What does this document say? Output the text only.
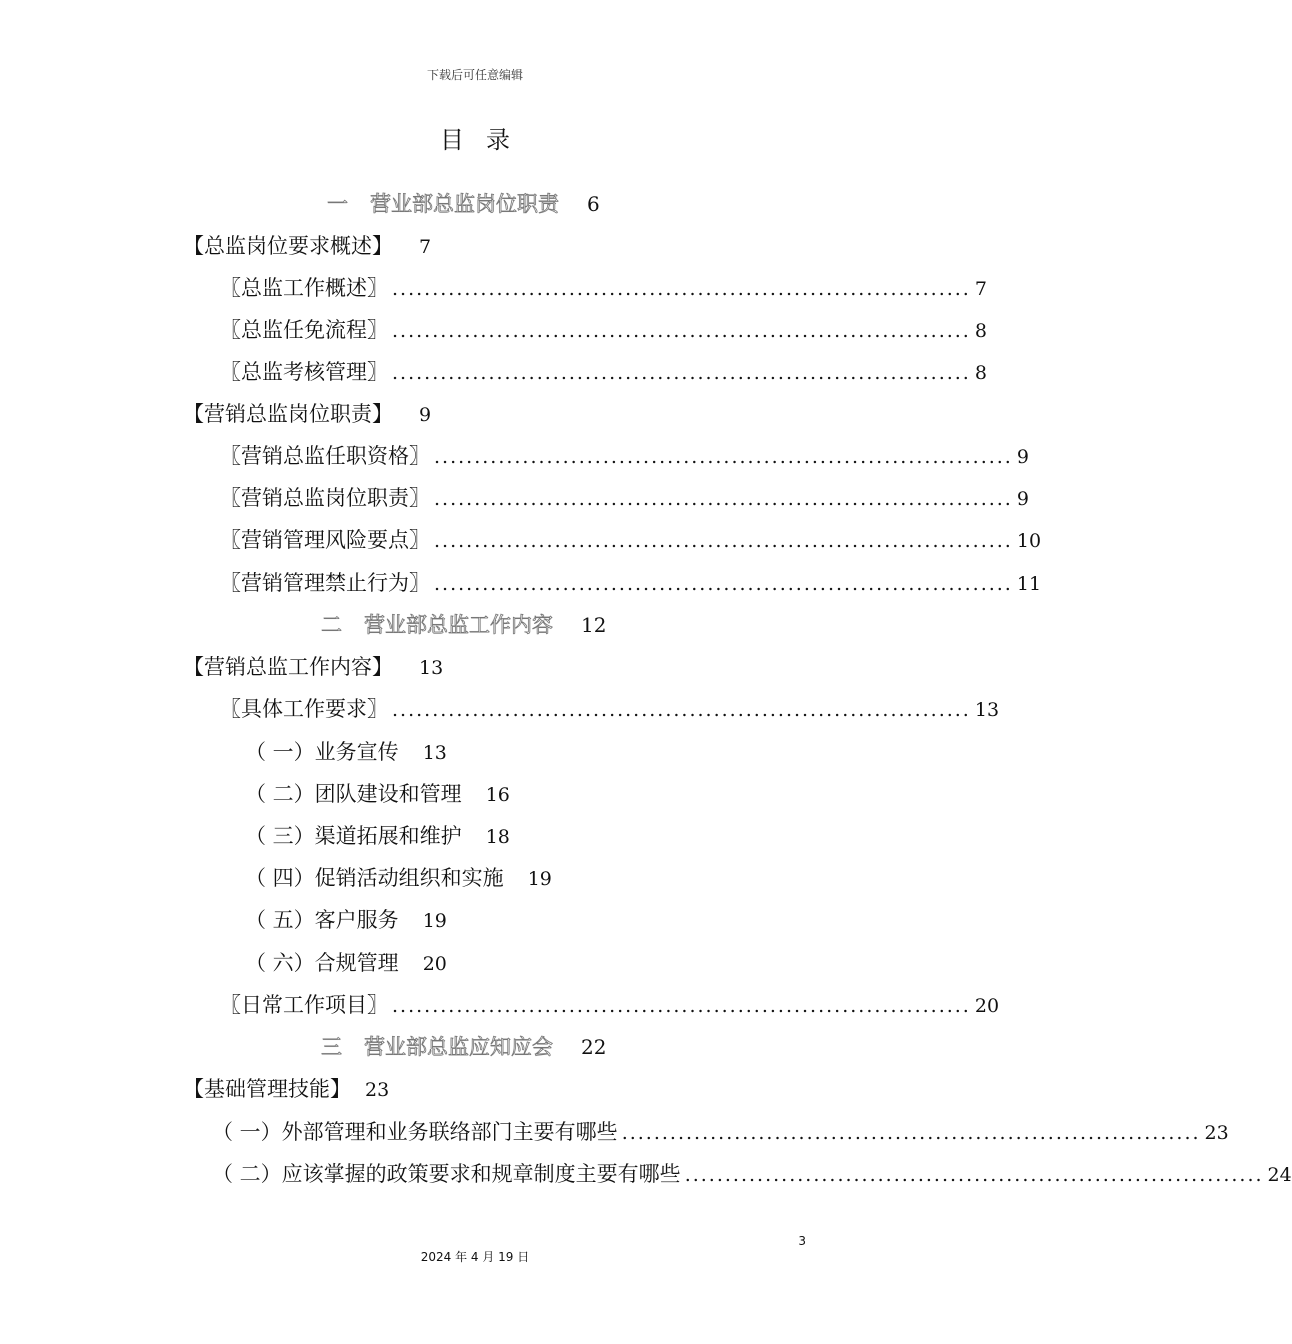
下载后可任意编辑
目录
一 营业部总监岗位职责 6
【总监岗位要求概述】 7
〖总监工作概述〗 ........................................................................ 7
〖总监任免流程〗 ........................................................................ 8
〖总监考核管理〗 ........................................................................ 8
【营销总监岗位职责】 9
〖营销总监任职资格〗 ........................................................................ 9
〖营销总监岗位职责〗 ........................................................................ 9
〖营销管理风险要点〗 ........................................................................ 10
〖营销管理禁止行为〗 ........................................................................ 11
二 营业部总监工作内容 12
【营销总监工作内容】 13
〖具体工作要求〗 ........................................................................ 13
（ 一）业务宣传 13
（ 二）团队建设和管理 16
（ 三）渠道拓展和维护 18
（ 四）促销活动组织和实施 19
（ 五）客户服务 19
（ 六）合规管理 20
〖日常工作项目〗 ........................................................................ 20
三 营业部总监应知应会 22
【基础管理技能】 23
（ 一）外部管理和业务联络部门主要有哪些 ........................................................................ 23
（ 二）应该掌握的政策要求和规章制度主要有哪些 ........................................................................ 24
3
2024 年 4 月 19 日
